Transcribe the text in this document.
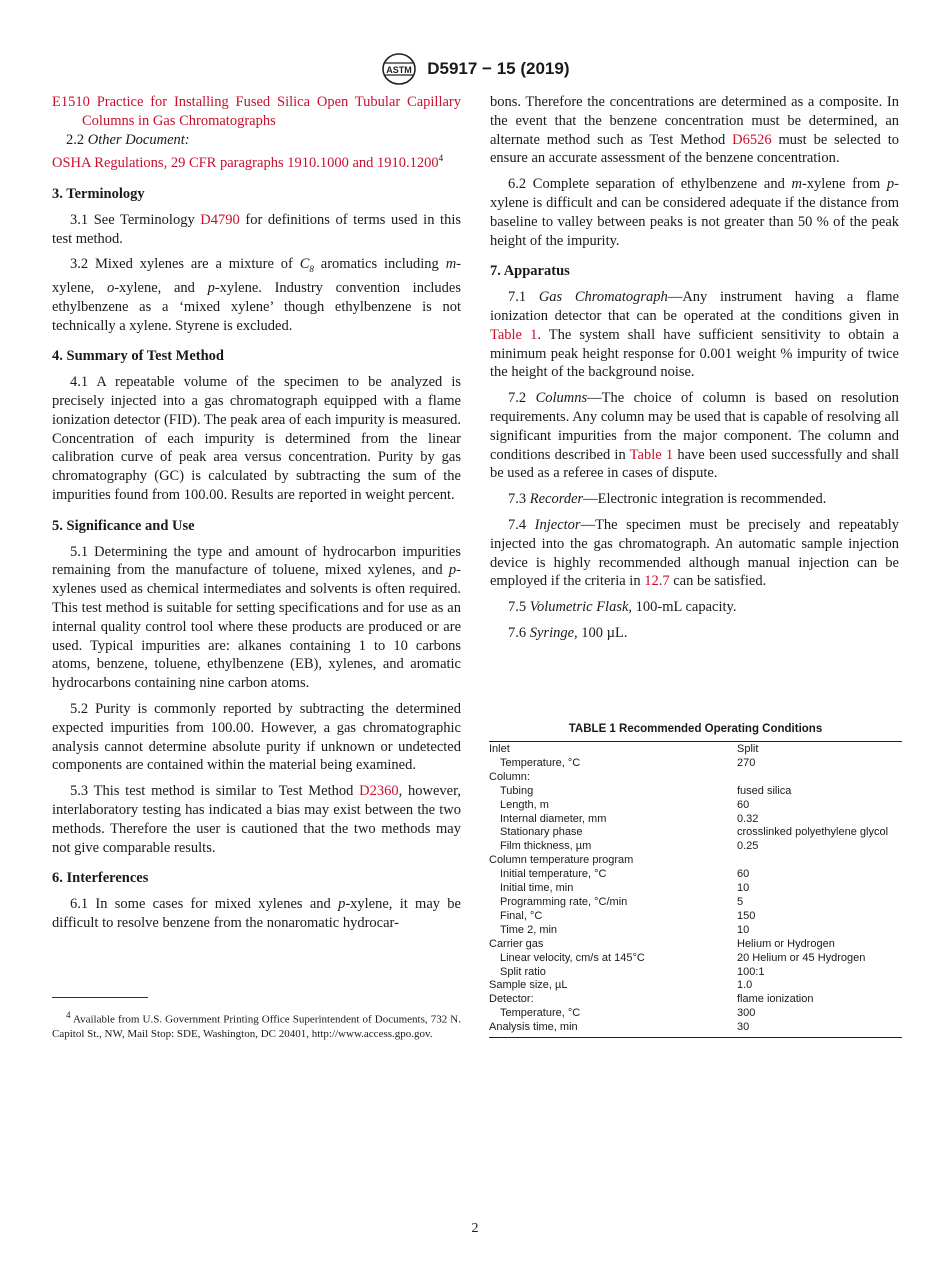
ASTM D5917 − 15 (2019)

E1510 Practice for Installing Fused Silica Open Tubular Capillary Columns in Gas Chromatographs

2.2 Other Document:

OSHA Regulations, 29 CFR paragraphs 1910.1000 and 1910.1200$^4$

3. Terminology

3.1 See Terminology D4790 for definitions of terms used in this test method.

3.2 Mixed xylenes are a mixture of $C_8$ aromatics including m-xylene, o-xylene, and p-xylene. Industry convention includes ethylbenzene as a ‘mixed xylene’ though ethylbenzene is not technically a xylene. Styrene is excluded.

4. Summary of Test Method

4.1 A repeatable volume of the specimen to be analyzed is precisely injected into a gas chromatograph equipped with a flame ionization detector (FID). The peak area of each impurity is measured. Concentration of each impurity is determined from the linear calibration curve of peak area versus concentration. Purity by gas chromatography (GC) is calculated by subtracting the sum of the impurities found from 100.00. Results are reported in weight percent.

5. Significance and Use

5.1 Determining the type and amount of hydrocarbon impurities remaining from the manufacture of toluene, mixed xylenes, and p-xylenes used as chemical intermediates and solvents is often required. This test method is suitable for setting specifications and for use as an internal quality control tool where these products are produced or are used. Typical impurities are: alkanes containing 1 to 10 carbons atoms, benzene, toluene, ethylbenzene (EB), xylenes, and aromatic hydrocarbons containing nine carbon atoms.

5.2 Purity is commonly reported by subtracting the determined expected impurities from 100.00. However, a gas chromatographic analysis cannot determine absolute purity if unknown or undetected components are contained within the material being examined.

5.3 This test method is similar to Test Method D2360, however, interlaboratory testing has indicated a bias may exist between the two methods. Therefore the user is cautioned that the two methods may not give comparable results.

6. Interferences

6.1 In some cases for mixed xylenes and p-xylene, it may be difficult to resolve benzene from the nonaromatic hydrocar-

$^4$ Available from U.S. Government Printing Office Superintendent of Documents, 732 N. Capitol St., NW, Mail Stop: SDE, Washington, DC 20401, http://www.access.gpo.gov.

bons. Therefore the concentrations are determined as a composite. In the event that the benzene concentration must be determined, an alternate method such as Test Method D6526 must be selected to ensure an accurate assessment of the benzene concentration.

6.2 Complete separation of ethylbenzene and m-xylene from p-xylene is difficult and can be considered adequate if the distance from baseline to valley between peaks is not greater than 50 % of the peak height of the impurity.

7. Apparatus

7.1 Gas Chromatograph—Any instrument having a flame ionization detector that can be operated at the conditions given in Table 1. The system shall have sufficient sensitivity to obtain a minimum peak height response for 0.001 weight % impurity of twice the height of the background noise.

7.2 Columns—The choice of column is based on resolution requirements. Any column may be used that is capable of resolving all significant impurities from the major component. The column and conditions described in Table 1 have been used successfully and shall be used as a referee in cases of dispute.

7.3 Recorder—Electronic integration is recommended.

7.4 Injector—The specimen must be precisely and repeatably injected into the gas chromatograph. An automatic sample injection device is highly recommended although manual injection can be employed if the criteria in 12.7 can be satisfied.

7.5 Volumetric Flask, 100-mL capacity.

7.6 Syringe, 100 µL.

TABLE 1 Recommended Operating Conditions
Inlet	Split
Temperature, °C	270
Column:	
Tubing	fused silica
Length, m	60
Internal diameter, mm	0.32
Stationary phase	crosslinked polyethylene glycol
Film thickness, µm	0.25
Column temperature program	
Initial temperature, °C	60
Initial time, min	10
Programming rate, °C/min	5
Final, °C	150
Time 2, min	10
Carrier gas	Helium or Hydrogen
Linear velocity, cm/s at 145°C	20 Helium or 45 Hydrogen
Split ratio	100:1
Sample size, µL	1.0
Detector:	flame ionization
Temperature, °C	300
Analysis time, min	30
2
